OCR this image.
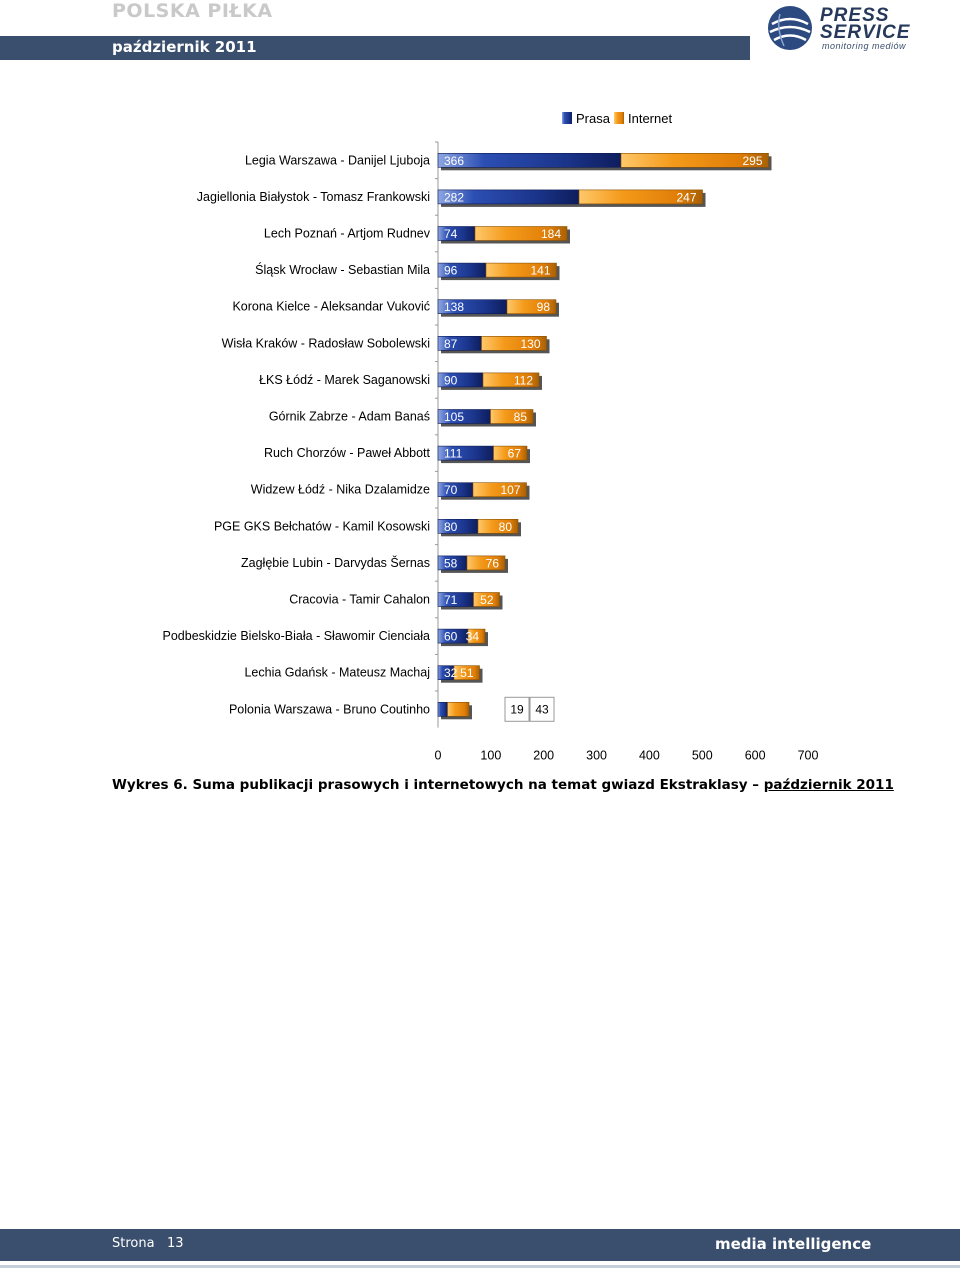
POLSKA PIŁKA
październik 2011
PRESS
SERVICE
monitoring mediów
Legia Warszawa - Danijel Ljuboja 366	295
Jagiellonia Białystok - Tomasz Frankowski 282	247
Lech Poznań - Artjom Rudnev 74	184
Śląsk Wrocław - Sebastian Mila 96	141
Korona Kielce - Aleksandar Vuković 138	98
Wisła Kraków - Radosław Sobolewski 87	130
ŁKS Łódź - Marek Saganowski 90	112
Górnik Zabrze - Adam Banaś 105	85
Ruch Chorzów - Paweł Abbott 111	67
Widzew Łódź - Nika Dzalamidze 70	107
PGE GKS Bełchatów - Kamil Kosowski 80	80
Zagłębie Lubin - Darvydas Šernas 58 76
Cracovia - Tamir Cahalon 71 52
Podbeskidzie Bielsko-Biała - Sławomir Cienciała 60 34
Lechia Gdańsk - Mateusz Machaj 32 51
Polonia Warszawa - Bruno Coutinho	19 43
0	100	200	300	400	500	600	700
Prasa Internet
Wykres 6. Suma publikacji prasowych i internetowych na temat gwiazd Ekstraklasy – październik 2011
Strona 13	media intelligence
